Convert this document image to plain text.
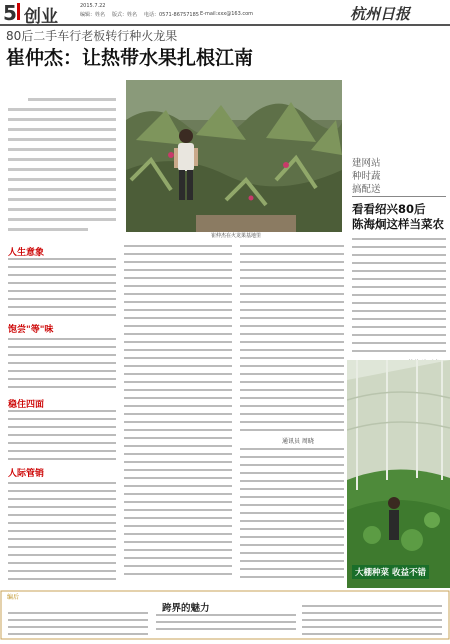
5 创业
2015.7.22
编辑：姓名 版式：姓名 电话：0571-86757185 E-mail:xxx@163.com	杭州日报
80后二手车行老板转行种火龙果
崔仲杰：让热带水果扎根江南
崔仲杰在火龙果基地里
人生意象
饱尝"等"味
稳住四面
人际管销
通讯员 周晓
建网站
种时蔬
搞配送
看看绍兴80后
陈海炯这样当菜农
大棚种菜 收益不错
编后
跨界的魅力
